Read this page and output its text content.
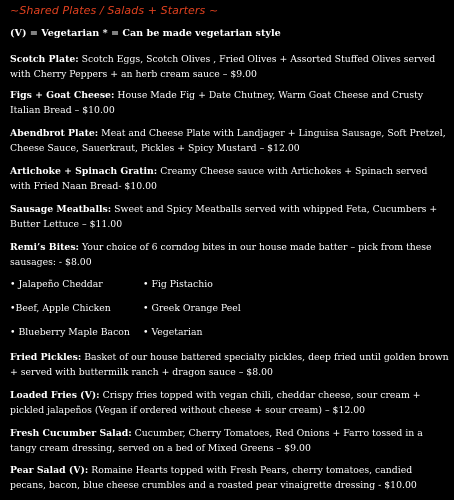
~Shared Plates / Salads + Starters ~
(V) = Vegetarian * = Can be made vegetarian style
Scotch Plate: Scotch Eggs, Scotch Olives , Fried Olives + Assorted Stuffed Olives served with Cherry Peppers + an herb cream sauce – $9.00
Figs + Goat Cheese: House Made Fig + Date Chutney, Warm Goat Cheese and Crusty Italian Bread – $10.00
Abendbrot Plate: Meat and Cheese Plate with Landjager + Linguisa Sausage, Soft Pretzel, Cheese Sauce, Sauerkraut, Pickles + Spicy Mustard – $12.00
Artichoke + Spinach Gratin: Creamy Cheese sauce with Artichokes + Spinach served with Fried Naan Bread- $10.00
Sausage Meatballs: Sweet and Spicy Meatballs served with whipped Feta, Cucumbers + Butter Lettuce – $11.00
Remi’s Bites: Your choice of 6 corndog bites in our house made batter – pick from these sausages: - $8.00
• Jalapeño Cheddar	• Fig Pistachio
•Beef, Apple Chicken	• Greek Orange Peel
• Blueberry Maple Bacon • Vegetarian
Fried Pickles: Basket of our house battered specialty pickles, deep fried until golden brown + served with buttermilk ranch + dragon sauce – $8.00
Loaded Fries (V): Crispy fries topped with vegan chili, cheddar cheese, sour cream + pickled jalapeños (Vegan if ordered without cheese + sour cream) – $12.00
Fresh Cucumber Salad: Cucumber, Cherry Tomatoes, Red Onions + Farro tossed in a tangy cream dressing, served on a bed of Mixed Greens – $9.00
Pear Salad (V): Romaine Hearts topped with Fresh Pears, cherry tomatoes, candied pecans, bacon, blue cheese crumbles and a roasted pear vinaigrette dressing - $10.00
